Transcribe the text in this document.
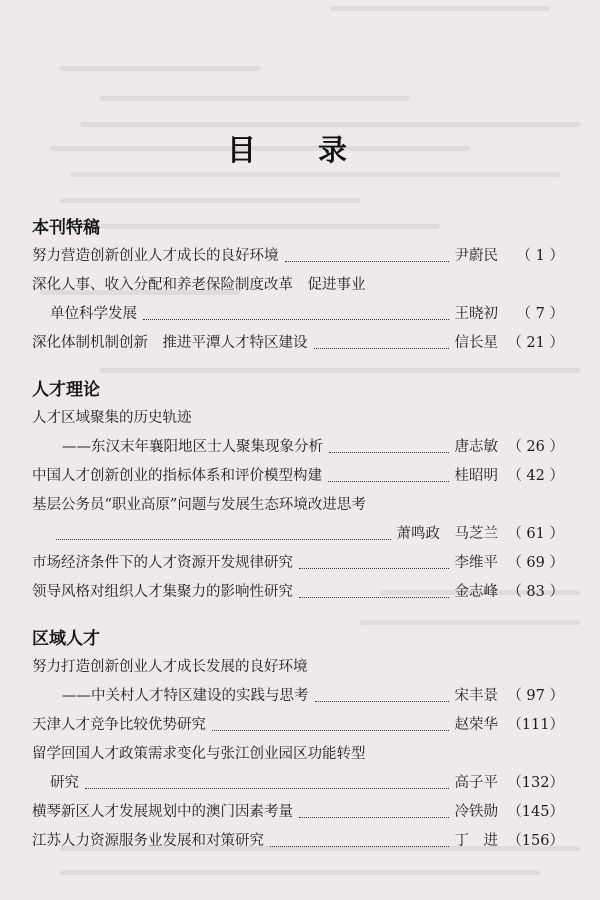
目 录
本刊特稿
努力营造创新创业人才成长的良好环境	尹蔚民	（ 1 ）
深化人事、收入分配和养老保险制度改革　促进事业
单位科学发展	王晓初	（ 7 ）
深化体制机制创新　推进平潭人才特区建设	信长星 （ 21 ）
人才理论
人才区域聚集的历史轨迹
——东汉末年襄阳地区士人聚集现象分析	唐志敏 （ 26 ）
中国人才创新创业的指标体系和评价模型构建	桂昭明 （ 42 ）
基层公务员“职业高原”问题与发展生态环境改进思考
萧鸣政　马芝兰 （ 61 ）
市场经济条件下的人才资源开发规律研究	李维平 （ 69 ）
领导风格对组织人才集聚力的影响性研究	金志峰 （ 83 ）
区域人才
努力打造创新创业人才成长发展的良好环境
——中关村人才特区建设的实践与思考	宋丰景 （ 97 ）
天津人才竞争比较优势研究	赵荣华 （111）
留学回国人才政策需求变化与张江创业园区功能转型
研究	高子平 （132）
横琴新区人才发展规划中的澳门因素考量	冷铁勋 （145）
江苏人力资源服务业发展和对策研究	丁　进 （156）
